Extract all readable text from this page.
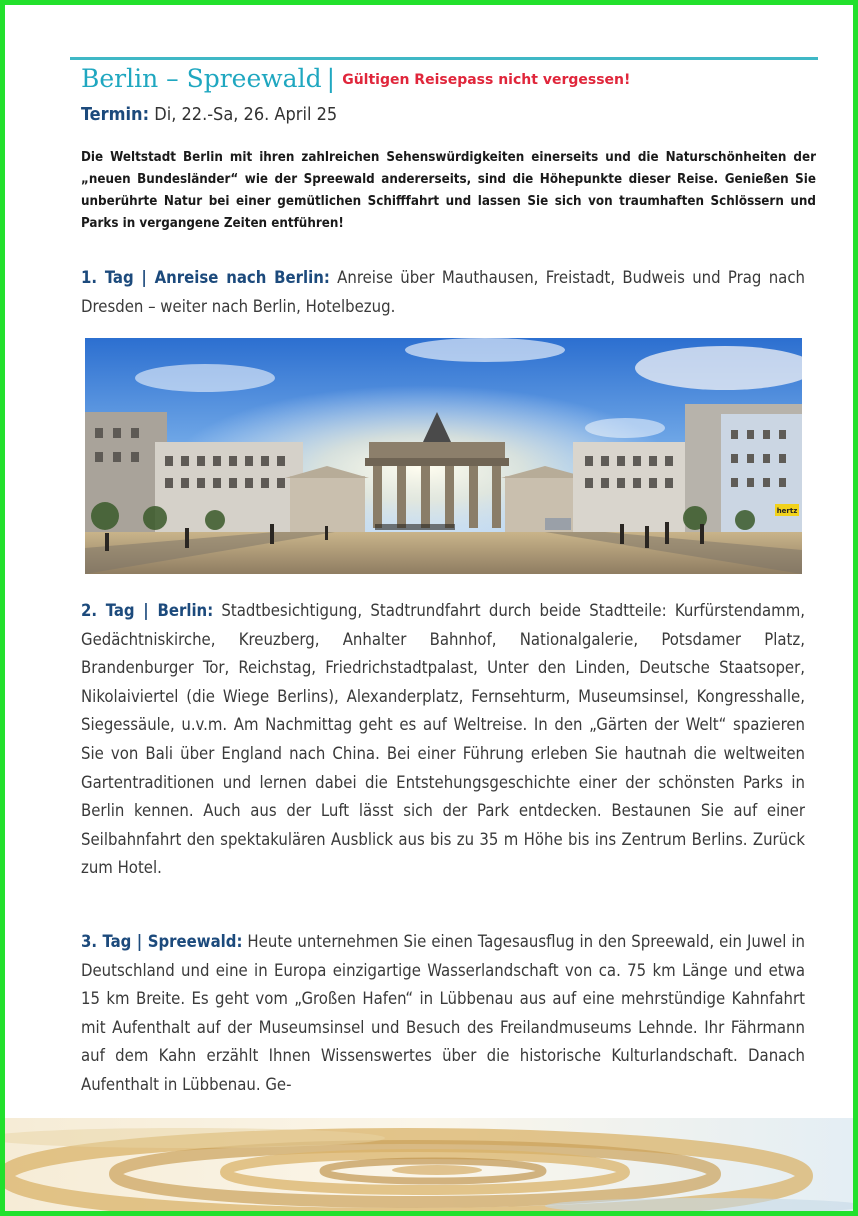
Berlin – Spreewald | Gültigen Reisepass nicht vergessen!
Termin: Di, 22.-Sa, 26. April 25

Die Weltstadt Berlin mit ihren zahlreichen Sehenswürdigkeiten einerseits und die Naturschönheiten der „neuen Bundesländer“ wie der Spreewald andererseits, sind die Höhepunkte dieser Reise. Genießen Sie unberührte Natur bei einer gemütlichen Schifffahrt und lassen Sie sich von traumhaften Schlössern und Parks in vergangene Zeiten entführen!

1. Tag | Anreise nach Berlin: Anreise über Mauthausen, Freistadt, Budweis und Prag nach Dresden – weiter nach Berlin, Hotelbezug.

hertz

2. Tag | Berlin: Stadtbesichtigung, Stadtrundfahrt durch beide Stadtteile: Kurfürstendamm, Gedächtniskirche, Kreuzberg, Anhalter Bahnhof, Nationalgalerie, Potsdamer Platz, Brandenburger Tor, Reichstag, Friedrichstadtpalast, Unter den Linden, Deutsche Staatsoper, Nikolaiviertel (die Wiege Berlins), Alexanderplatz, Fernsehturm, Museumsinsel, Kongresshalle, Siegessäule, u.v.m. Am Nachmittag geht es auf Weltreise. In den „Gärten der Welt“ spazieren Sie von Bali über England nach China. Bei einer Führung erleben Sie hautnah die weltweiten Gartentraditionen und lernen dabei die Entstehungsgeschichte einer der schönsten Parks in Berlin kennen. Auch aus der Luft lässt sich der Park entdecken. Bestaunen Sie auf einer Seilbahnfahrt den spektakulären Ausblick aus bis zu 35 m Höhe bis ins Zentrum Berlins. Zurück zum Hotel.

3. Tag | Spreewald: Heute unternehmen Sie einen Tagesausflug in den Spreewald, ein Juwel in Deutschland und eine in Europa einzigartige Wasserlandschaft von ca. 75 km Länge und etwa 15 km Breite. Es geht vom „Großen Hafen“ in Lübbenau aus auf eine mehrstündige Kahnfahrt mit Aufenthalt auf der Museumsinsel und Besuch des Freilandmuseums Lehnde. Ihr Fährmann auf dem Kahn erzählt Ihnen Wissenswertes über die historische Kulturlandschaft. Danach Aufenthalt in Lübbenau. Ge-
